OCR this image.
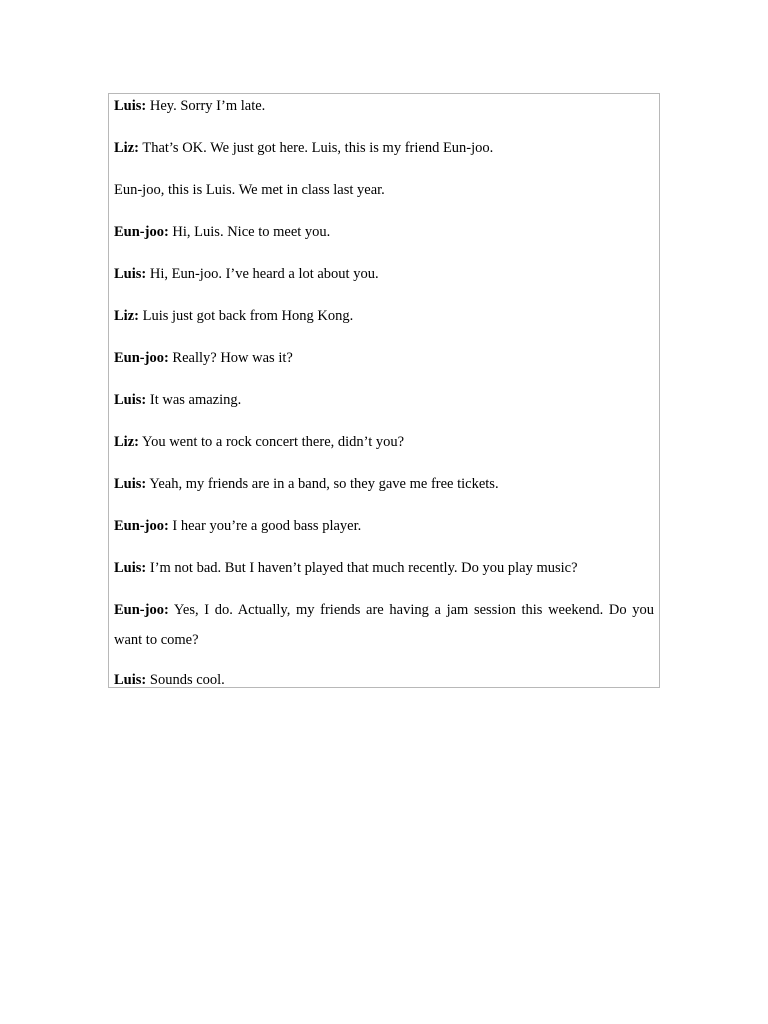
Luis: Hey. Sorry I’m late.
Liz: That’s OK. We just got here. Luis, this is my friend Eun-joo.
Eun-joo, this is Luis. We met in class last year.
Eun-joo: Hi, Luis. Nice to meet you.
Luis: Hi, Eun-joo. I’ve heard a lot about you.
Liz: Luis just got back from Hong Kong.
Eun-joo: Really? How was it?
Luis: It was amazing.
Liz: You went to a rock concert there, didn’t you?
Luis: Yeah, my friends are in a band, so they gave me free tickets.
Eun-joo: I hear you’re a good bass player.
Luis: I’m not bad. But I haven’t played that much recently. Do you play music?
Eun-joo: Yes, I do. Actually, my friends are having a jam session this weekend. Do you want to come?
Luis: Sounds cool.
